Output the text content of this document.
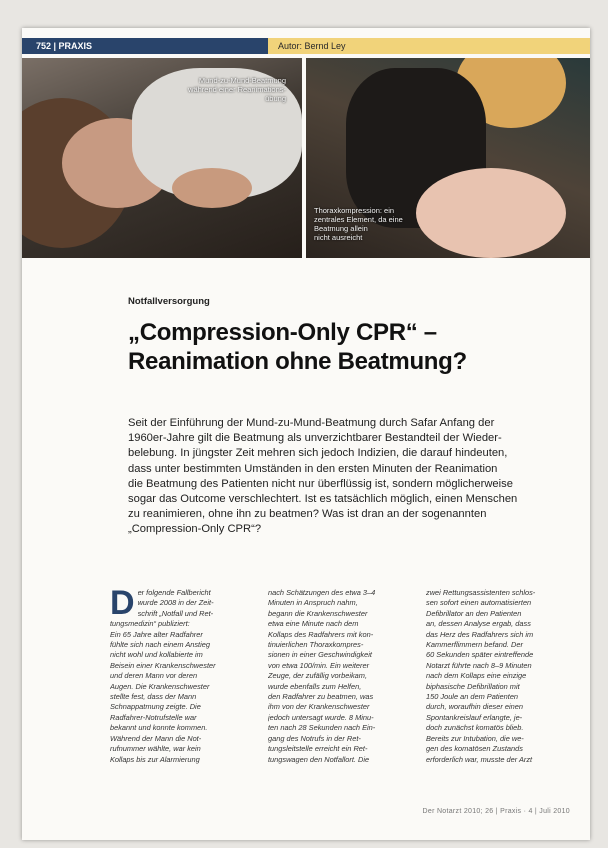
752 | PRAXIS	Autor: Bernd Ley
Mund-zu-Mund-Beatmung
während einer Reanimations-
übung
Thoraxkompression: ein
zentrales Element, da eine
Beatmung allein
nicht ausreicht
Notfallversorgung
„Compression-Only CPR“ –
Reanimation ohne Beatmung?
Seit der Einführung der Mund-zu-Mund-Beatmung durch Safar Anfang der
1960er-Jahre gilt die Beatmung als unverzichtbarer Bestandteil der Wieder-
belebung. In jüngster Zeit mehren sich jedoch Indizien, die darauf hindeuten,
dass unter bestimmten Umständen in den ersten Minuten der Reanimation
die Beatmung des Patienten nicht nur überflüssig ist, sondern möglicherweise
sogar das Outcome verschlechtert. Ist es tatsächlich möglich, einen Menschen
zu reanimieren, ohne ihn zu beatmen? Was ist dran an der sogenannten
„Compression-Only CPR“?
D er folgende Fallbericht
wurde 2008 in der Zeit-
schrift „Notfall und Ret-
tungsmedizin“ publiziert:
Ein 65 Jahre alter Radfahrer
fühlte sich nach einem Anstieg
nicht wohl und kollabierte im
Beisein einer Krankenschwester
und deren Mann vor deren
Augen. Die Krankenschwester
stellte fest, dass der Mann
Schnappatmung zeigte. Die
Radfahrer-Notrufstelle war
bekannt und konnte kommen.
Während der Mann die Not-
rufnummer wählte, war kein
Kollaps bis zur Alarmierung
nach Schätzungen des etwa 3–4
Minuten in Anspruch nahm,
begann die Krankenschwester
etwa eine Minute nach dem
Kollaps des Radfahrers mit kon-
tinuierlichen Thoraxkompres-
sionen in einer Geschwindigkeit
von etwa 100/min. Ein weiterer
Zeuge, der zufällig vorbeikam,
wurde ebenfalls zum Helfen,
den Radfahrer zu beatmen, was
ihm von der Krankenschwester
jedoch untersagt wurde. 8 Minu-
ten nach 28 Sekunden nach Ein-
gang des Notrufs in der Ret-
tungsleitstelle erreicht ein Ret-
tungswagen den Notfallort. Die
zwei Rettungsassistenten schlos-
sen sofort einen automatisierten
Defibrillator an den Patienten
an, dessen Analyse ergab, dass
das Herz des Radfahrers sich im
Kammerflimmern befand. Der
60 Sekunden später eintreffende
Notarzt führte nach 8–9 Minuten
nach dem Kollaps eine einzige
biphasische Defibrillation mit
150 Joule an dem Patienten
durch, woraufhin dieser einen
Spontankreislauf erlangte, je-
doch zunächst komatös blieb.
Bereits zur Intubation, die we-
gen des komatösen Zustands
erforderlich war, musste der Arzt
Der Notarzt 2010; 26 | Praxis · 4 | Juli 2010
